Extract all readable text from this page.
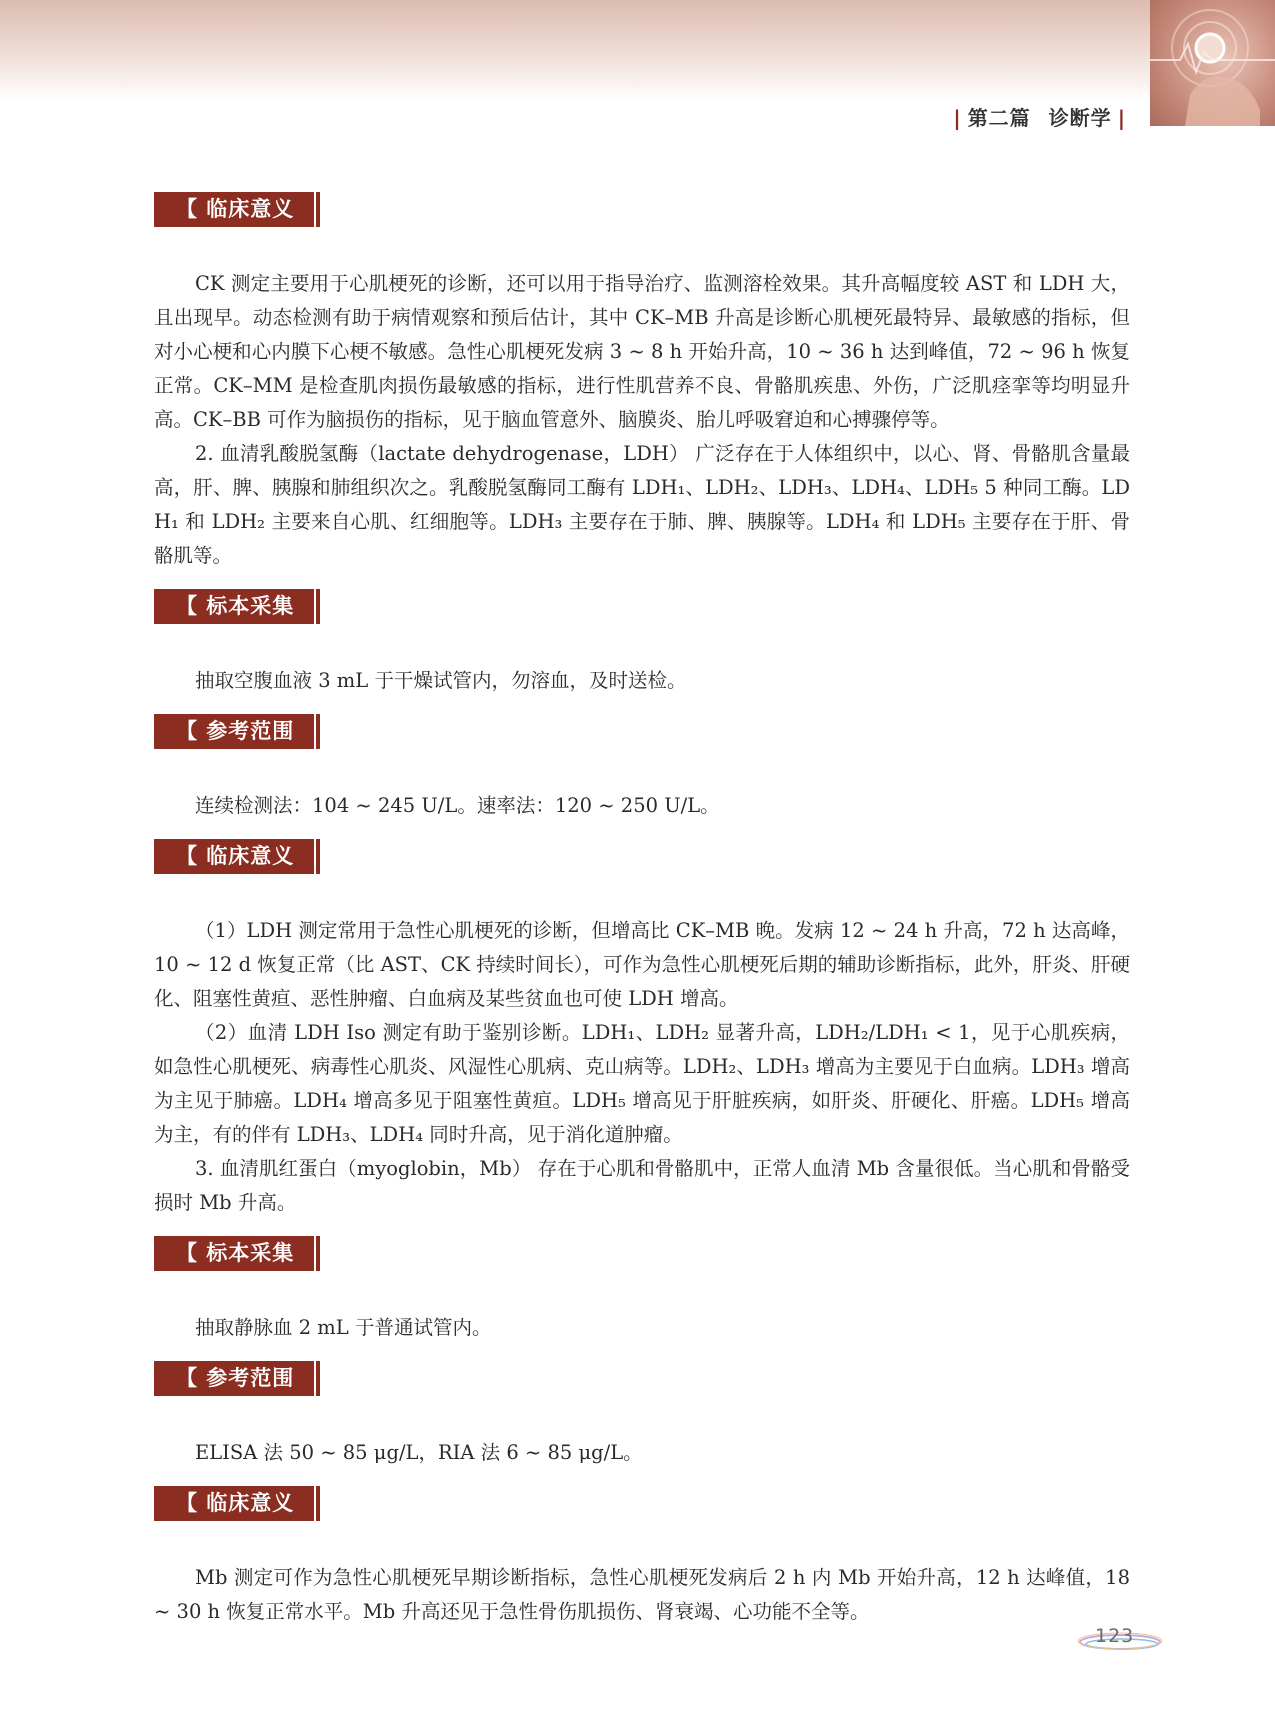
| 第二篇 诊断学 |
【 临床意义 】

CK 测定主要用于心肌梗死的诊断，还可以用于指导治疗、监测溶栓效果。其升高幅度较 AST 和 LDH 大，且出现早。动态检测有助于病情观察和预后估计，其中 CK–MB 升高是诊断心肌梗死最特异、最敏感的指标，但对小心梗和心内膜下心梗不敏感。急性心肌梗死发病 3 ~ 8 h 开始升高，10 ~ 36 h 达到峰值，72 ~ 96 h 恢复正常。CK–MM 是检查肌肉损伤最敏感的指标，进行性肌营养不良、骨骼肌疾患、外伤，广泛肌痉挛等均明显升高。CK–BB 可作为脑损伤的指标，见于脑血管意外、脑膜炎、胎儿呼吸窘迫和心搏骤停等。

2. 血清乳酸脱氢酶（lactate dehydrogenase，LDH） 广泛存在于人体组织中，以心、肾、骨骼肌含量最高，肝、脾、胰腺和肺组织次之。乳酸脱氢酶同工酶有 LDH₁、LDH₂、LDH₃、LDH₄、LDH₅ 5 种同工酶。LDH₁ 和 LDH₂ 主要来自心肌、红细胞等。LDH₃ 主要存在于肺、脾、胰腺等。LDH₄ 和 LDH₅ 主要存在于肝、骨骼肌等。

【 标本采集 】

抽取空腹血液 3 mL 于干燥试管内，勿溶血，及时送检。

【 参考范围 】

连续检测法：104 ~ 245 U/L。速率法：120 ~ 250 U/L。

【 临床意义 】

（1）LDH 测定常用于急性心肌梗死的诊断，但增高比 CK–MB 晚。发病 12 ~ 24 h 升高，72 h 达高峰，10 ~ 12 d 恢复正常（比 AST、CK 持续时间长），可作为急性心肌梗死后期的辅助诊断指标，此外，肝炎、肝硬化、阻塞性黄疸、恶性肿瘤、白血病及某些贫血也可使 LDH 增高。

（2）血清 LDH Iso 测定有助于鉴别诊断。LDH₁、LDH₂ 显著升高，LDH₂/LDH₁ < 1，见于心肌疾病，如急性心肌梗死、病毒性心肌炎、风湿性心肌病、克山病等。LDH₂、LDH₃ 增高为主要见于白血病。LDH₃ 增高为主见于肺癌。LDH₄ 增高多见于阻塞性黄疸。LDH₅ 增高见于肝脏疾病，如肝炎、肝硬化、肝癌。LDH₅ 增高为主，有的伴有 LDH₃、LDH₄ 同时升高，见于消化道肿瘤。

3. 血清肌红蛋白（myoglobin，Mb） 存在于心肌和骨骼肌中，正常人血清 Mb 含量很低。当心肌和骨骼受损时 Mb 升高。

【 标本采集 】

抽取静脉血 2 mL 于普通试管内。

【 参考范围 】

ELISA 法 50 ~ 85 μg/L，RIA 法 6 ~ 85 μg/L。

【 临床意义 】

Mb 测定可作为急性心肌梗死早期诊断指标，急性心肌梗死发病后 2 h 内 Mb 开始升高，12 h 达峰值，18 ~ 30 h 恢复正常水平。Mb 升高还见于急性骨伤肌损伤、肾衰竭、心功能不全等。

123
